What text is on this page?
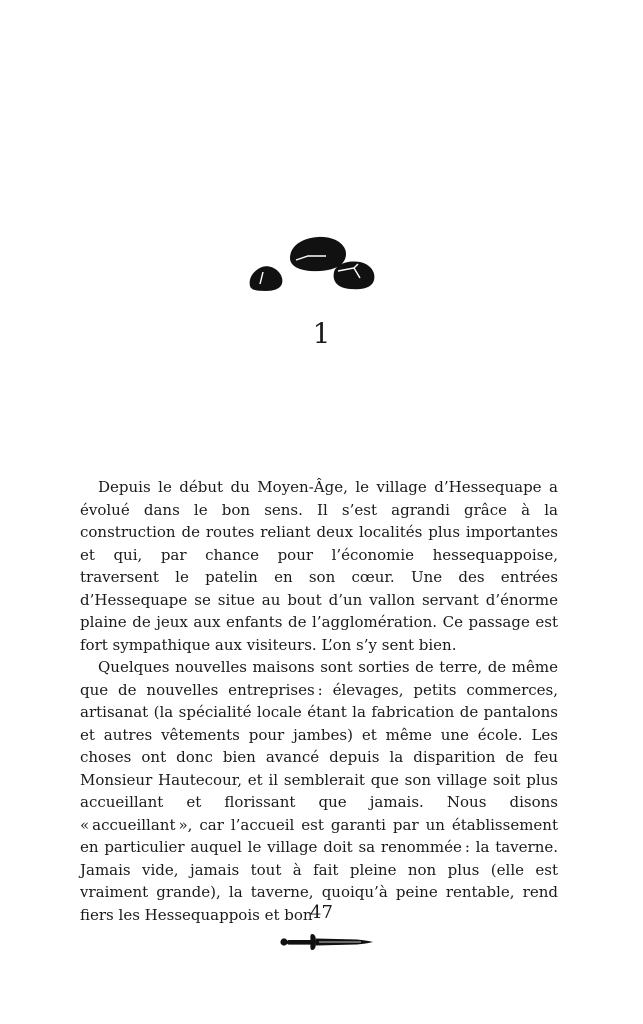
1

Depuis le début du Moyen-Âge, le village d’Hessequape a évolué dans le bon sens. Il s’est agrandi grâce à la construction de routes reliant deux localités plus importantes et qui, par chance pour l’économie hessequappoise, traversent le patelin en son cœur. Une des entrées d’Hessequape se situe au bout d’un vallon servant d’énorme plaine de jeux aux enfants de l’agglomération. Ce passage est fort sympathique aux visiteurs. L’on s’y sent bien.

Quelques nouvelles maisons sont sorties de terre, de même que de nouvelles entreprises : élevages, petits commerces, artisanat (la spécialité locale étant la fabrication de pantalons et autres vêtements pour jambes) et même une école. Les choses ont donc bien avancé depuis la disparition de feu Monsieur Hautecour, et il semblerait que son village soit plus accueillant et florissant que jamais. Nous disons « accueillant », car l’accueil est garanti par un établissement en particulier auquel le village doit sa renommée : la taverne. Jamais vide, jamais tout à fait pleine non plus (elle est vraiment grande), la taverne, quoiqu’à peine rentable, rend fiers les Hessequappois et bon

47
